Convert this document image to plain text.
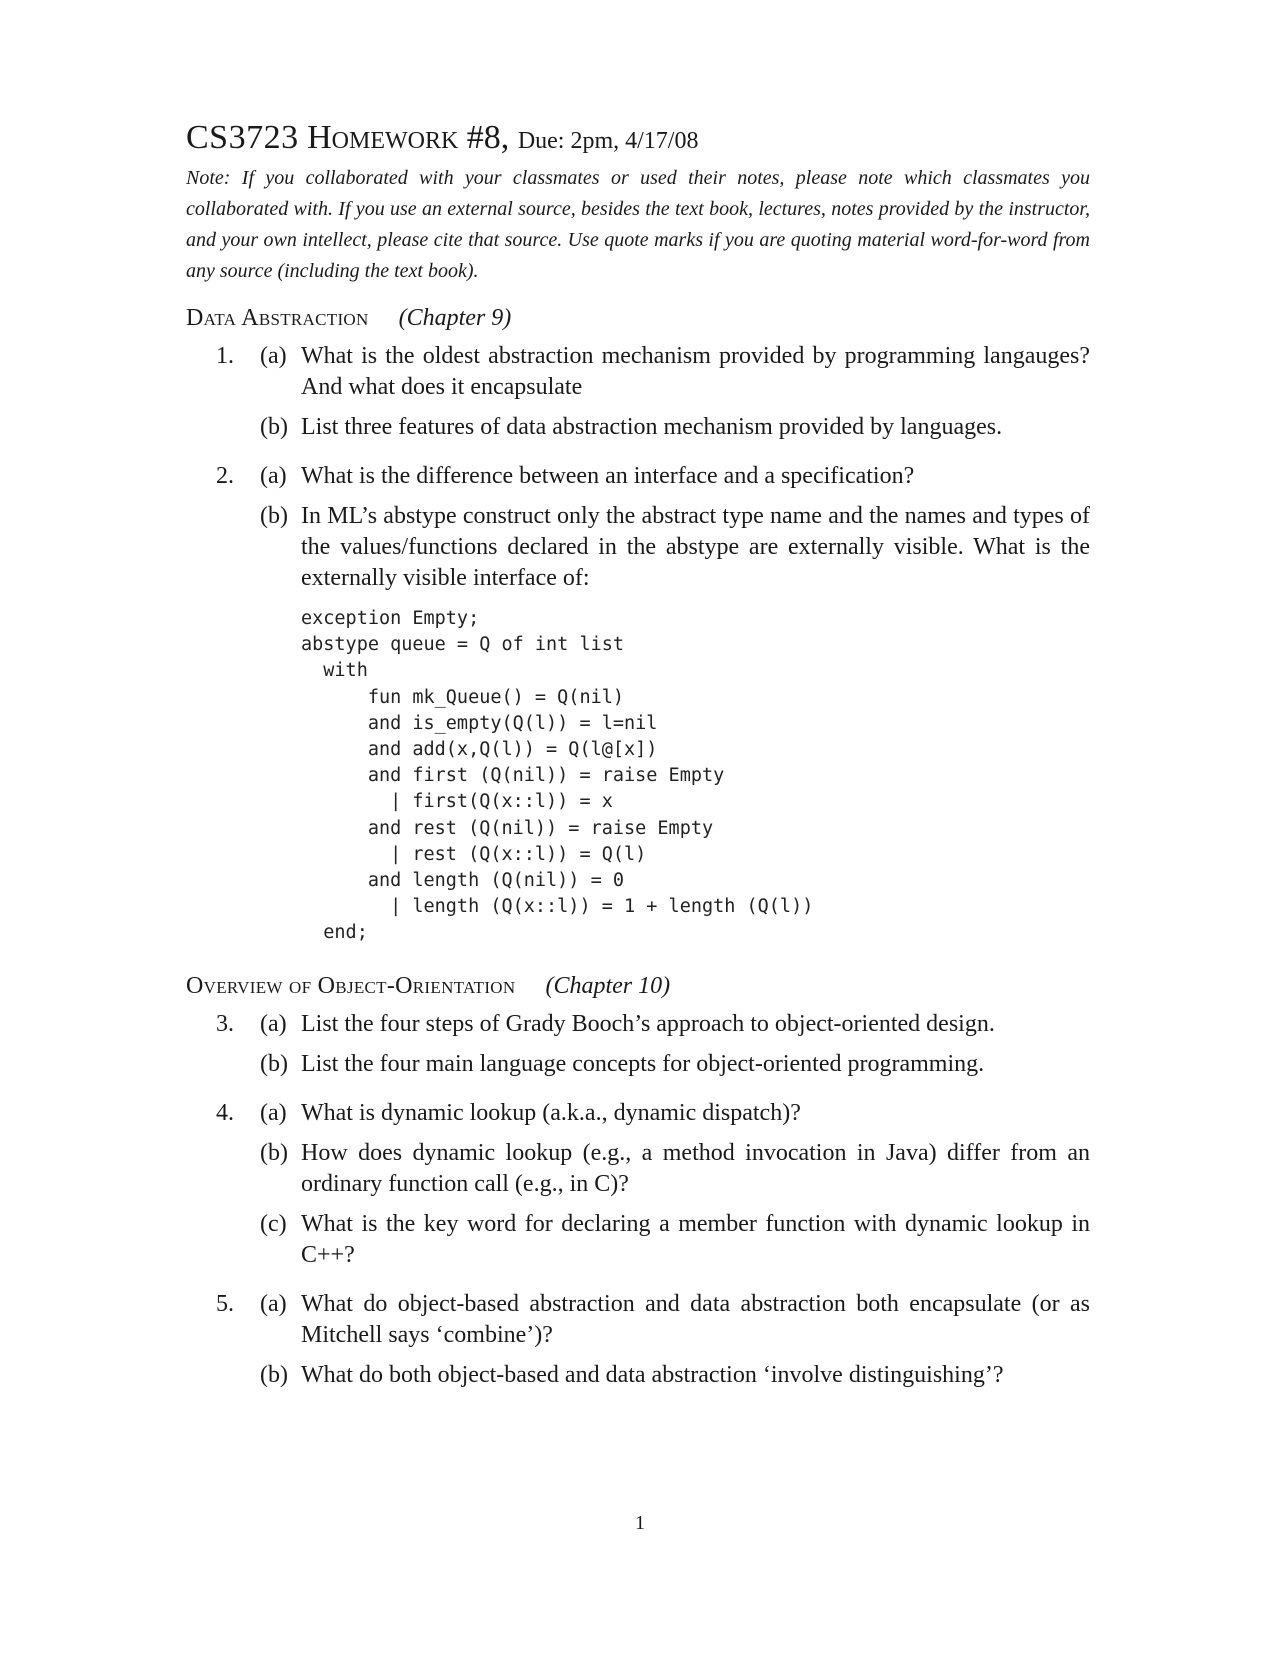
CS3723 Homework #8, Due: 2pm, 4/17/08

Note: If you collaborated with your classmates or used their notes, please note which classmates you collaborated with. If you use an external source, besides the text book, lectures, notes provided by the instructor, and your own intellect, please cite that source. Use quote marks if you are quoting material word-for-word from any source (including the text book).

Data Abstraction (Chapter 9)
1.	(a) What is the oldest abstraction mechanism provided by programming langauges? And what does it encapsulate
(b) List three features of data abstraction mechanism provided by languages.
2.	(a) What is the difference between an interface and a specification?
(b) In ML’s abstype construct only the abstract type name and the names and types of the values/functions declared in the abstype are externally visible. What is the externally visible interface of:
exception Empty;
abstype queue = Q of int list
with
fun mk_Queue() = Q(nil)
and is_empty(Q(l)) = l=nil
and add(x,Q(l)) = Q(l@[x])
and first (Q(nil)) = raise Empty
| first(Q(x::l)) = x
and rest (Q(nil)) = raise Empty
| rest (Q(x::l)) = Q(l)
and length (Q(nil)) = 0
| length (Q(x::l)) = 1 + length (Q(l))
end;
Overview of Object-Orientation (Chapter 10)
3.	(a) List the four steps of Grady Booch’s approach to object-oriented design.
(b) List the four main language concepts for object-oriented programming.
4.	(a) What is dynamic lookup (a.k.a., dynamic dispatch)?
(b) How does dynamic lookup (e.g., a method invocation in Java) differ from an ordinary function call (e.g., in C)?
(c) What is the key word for declaring a member function with dynamic lookup in C++?
5.	(a) What do object-based abstraction and data abstraction both encapsulate (or as Mitchell says ‘combine’)?
(b) What do both object-based and data abstraction ‘involve distinguishing’?
1
